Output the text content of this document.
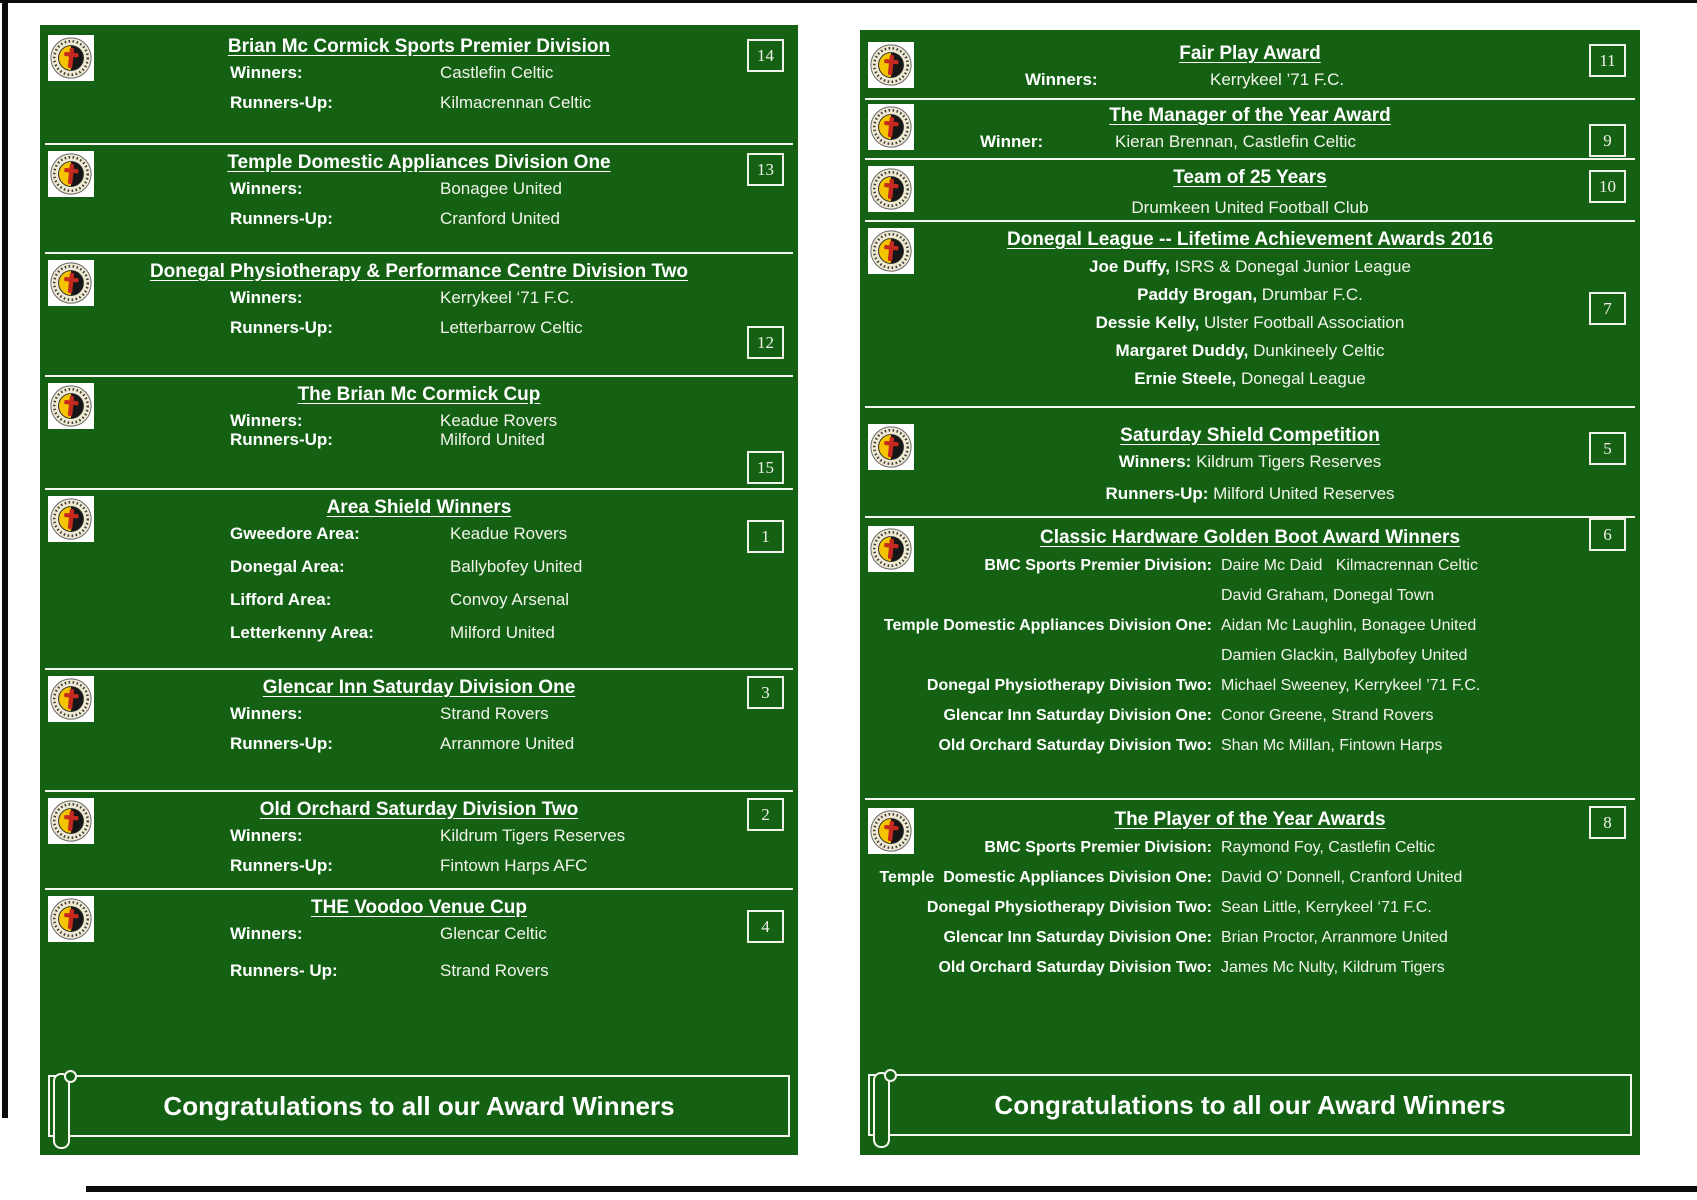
Brian Mc Cormick Sports Premier Division	14
Winners:	Castlefin Celtic
Runners-Up:	Kilmacrennan Celtic
Temple Domestic Appliances Division One	13
Winners:	Bonagee United
Runners-Up:	Cranford United
Donegal Physiotherapy & Performance Centre Division Two
12
Winners:	Kerrykeel ‘71 F.C.
Runners-Up:	Letterbarrow Celtic
The Brian Mc Cormick Cup
15
Winners:	Keadue Rovers
Runners-Up:	Milford United
Area Shield Winners
1
Gweedore Area:	Keadue Rovers
Donegal Area:	Ballybofey United
Lifford Area:	Convoy Arsenal
Letterkenny Area:	Milford United
Glencar Inn Saturday Division One	3
Winners:	Strand Rovers
Runners-Up:	Arranmore United
Old Orchard Saturday Division Two	2
Winners:	Kildrum Tigers Reserves
Runners-Up:	Fintown Harps AFC
THE Voodoo Venue Cup
4
Winners:	Glencar Celtic
Runners- Up:	Strand Rovers
Congratulations to all our Award Winners
Fair Play Award	11
Winners:	Kerrykeel ’71 F.C.
The Manager of the Year Award
9
Winner:	Kieran Brennan, Castlefin Celtic
Team of 25 Years	10
Drumkeen United Football Club
Donegal League -- Lifetime Achievement Awards 2016
7
Joe Duffy, ISRS & Donegal Junior League
Paddy Brogan, Drumbar F.C.
Dessie Kelly, Ulster Football Association
Margaret Duddy, Dunkineely Celtic
Ernie Steele, Donegal League
Saturday Shield Competition
5
Winners: Kildrum Tigers Reserves
Runners-Up: Milford United Reserves
Classic Hardware Golden Boot Award Winners	6
BMC Sports Premier Division: Daire Mc Daid   Kilmacrennan Celtic
David Graham, Donegal Town
Temple Domestic Appliances Division One: Aidan Mc Laughlin, Bonagee United
Damien Glackin, Ballybofey United
Donegal Physiotherapy Division Two: Michael Sweeney, Kerrykeel ’71 F.C.
Glencar Inn Saturday Division One: Conor Greene, Strand Rovers
Old Orchard Saturday Division Two: Shan Mc Millan, Fintown Harps
The Player of the Year Awards	8
BMC Sports Premier Division: Raymond Foy, Castlefin Celtic
Temple  Domestic Appliances Division One: David O’ Donnell, Cranford United
Donegal Physiotherapy Division Two: Sean Little, Kerrykeel ‘71 F.C.
Glencar Inn Saturday Division One: Brian Proctor, Arranmore United
Old Orchard Saturday Division Two: James Mc Nulty, Kildrum Tigers
Congratulations to all our Award Winners
